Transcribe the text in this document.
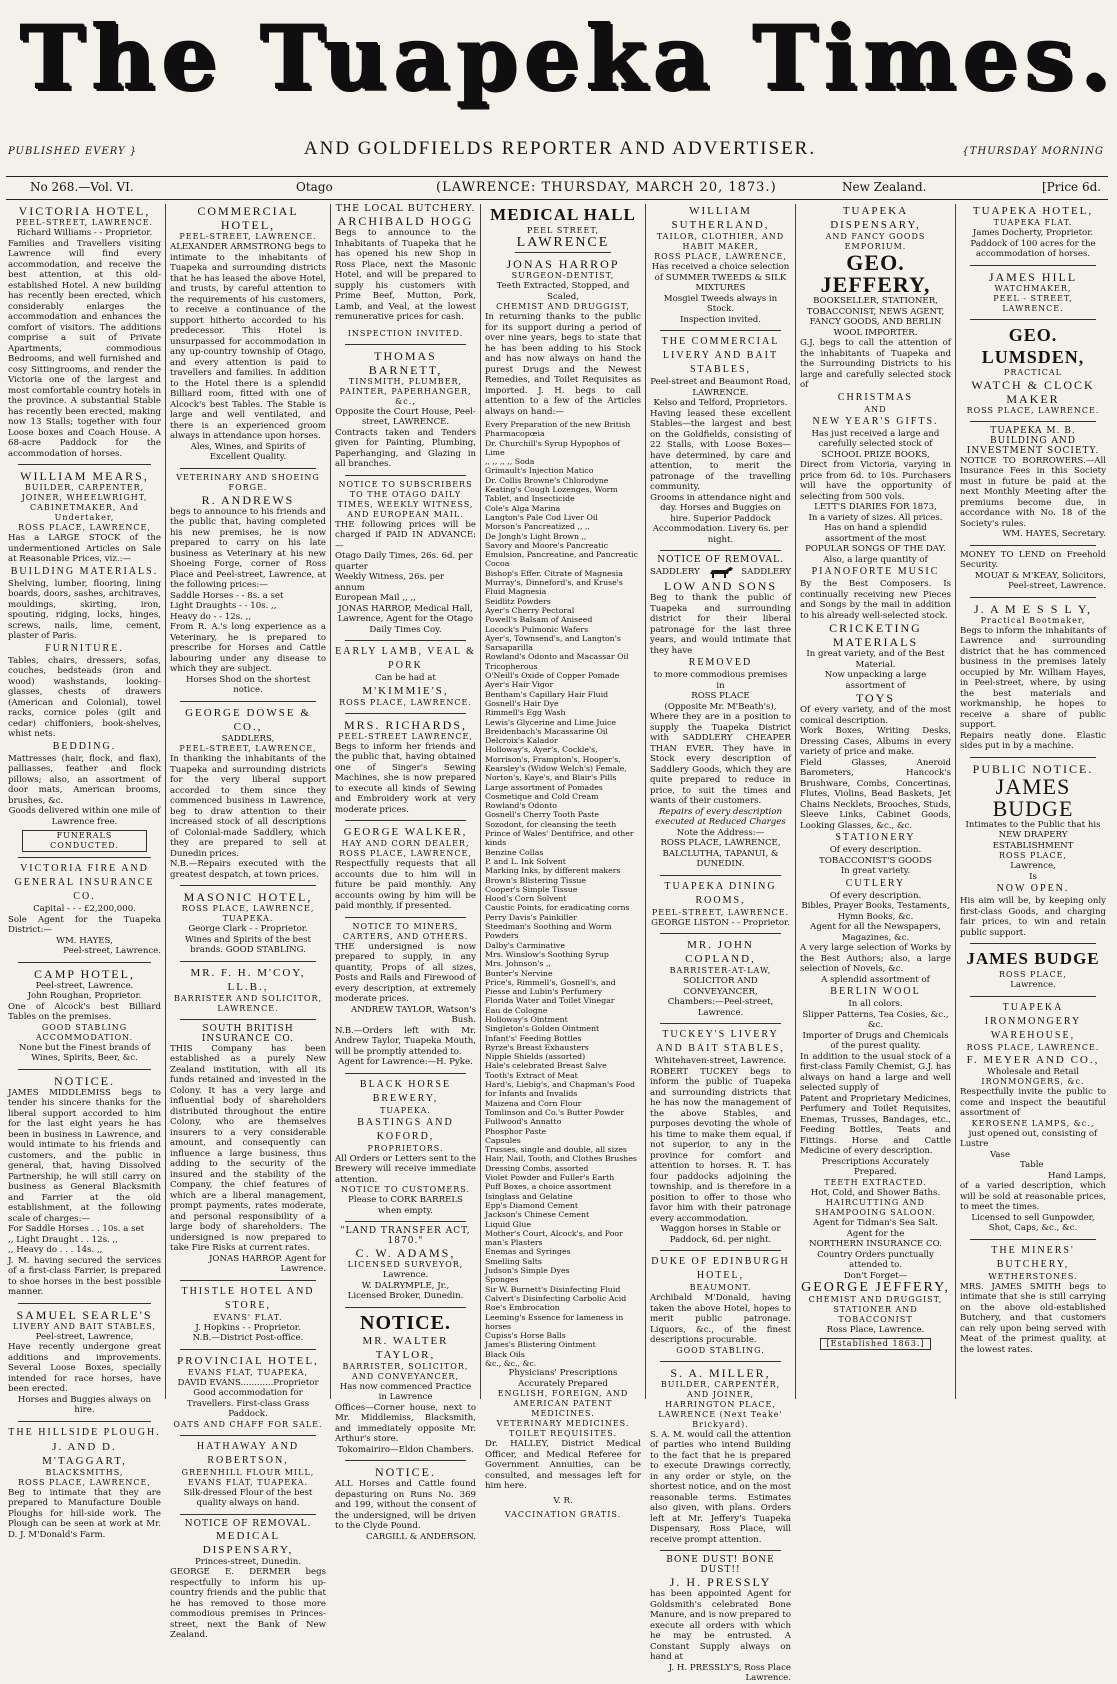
The Tuapeka Times.
PUBLISHED EVERY }	AND GOLDFIELDS REPORTER AND ADVERTISER.	{THURSDAY MORNING
No 268.—Vol. VI.	Otago	(LAWRENCE: THURSDAY, MARCH 20, 1873.)	New Zealand.	[Price 6d.
VICTORIA HOTEL,
PEEL-STREET, LAWRENCE.
Richard Williams - - Proprietor.
Families and Travellers visiting Lawrence will find every accommodation, and receive the best attention, at this old-established Hotel. A new building has recently been erected, which considerably enlarges the accommodation and enhances the comfort of visitors. The additions comprise a suit of Private Apartments, commodious Bedrooms, and well furnished and cosy Sittingrooms, and render the Victoria one of the largest and most comfortable country hotels in the province. A substantial Stable has recently been erected, making now 13 Stalls; together with four Loose boxes and Coach House. A 68-acre Paddock for the accommodation of horses.
WILLIAM MEARS,
BUILDER, CARPENTER, JOINER, WHEELWRIGHT, CABINETMAKER, And Undertaker,
ROSS PLACE, LAWRENCE,
Has a LARGE STOCK of the undermentioned Articles on Sale at Reasonable Prices, viz.:—
BUILDING MATERIALS.
Shelving, lumber, flooring, lining boards, doors, sashes, architraves, mouldings, skirting, iron, spouting, ridging, locks, hinges, screws, nails, lime, cement, plaster of Paris.
FURNITURE.
Tables, chairs, dressers, sofas, couches, bedsteads (iron and wood) washstands, looking-glasses, chests of drawers (American and Colonial), towel racks, cornice poles (gilt and cedar) chiffoniers, book-shelves, whist nets.
BEDDING.
Mattresses (hair, flock, and flax), palliasses, feather and flock pillows; also, an assortment of door mats, American brooms, brushes, &c.
Goods delivered within one mile of Lawrence free.
FUNERALS CONDUCTED.
VICTORIA FIRE AND GENERAL INSURANCE CO.
Capital - - - £2,200,000.
Sole Agent for the Tuapeka District:—
WM. HAYES,
Peel-street, Lawrence.
CAMP HOTEL,
Peel-street, Lawrence.
John Roughan, Proprietor.
One of Alcock's best Billiard Tables on the premises.
GOOD STABLING ACCOMMODATION.
None but the Finest brands of Wines, Spirits, Beer, &c.
NOTICE.
JAMES MIDDLEMISS begs to tender his sincere thanks for the liberal support accorded to him for the last eight years he has been in business in Lawrence, and would intimate to his friends and customers, and the public in general, that, having Dissolved Partnership, he will still carry on business as General Blacksmith and Farrier at the old establishment, at the following scale of charges:—
For Saddle Horses . . 10s. a set
,, Light Draught . . 12s. ,,
,, Heavy do . . . 14s. ,,
J. M. having secured the services of a first-class Farrier, is prepared to shoe horses in the best possible manner.
SAMUEL SEARLE'S
LIVERY AND BAIT STABLES,
Peel-street, Lawrence,
Have recently undergone great additions and improvements. Several Loose Boxes, specially intended for race horses, have been erected.
Horses and Buggies always on hire.
THE HILLSIDE PLOUGH.
J. AND D. M'TAGGART,
BLACKSMITHS,
ROSS PLACE, LAWRENCE,
Beg to intimate that they are prepared to Manufacture Double Ploughs for hill-side work. The Plough can be seen at work at Mr. D. J. M'Donald's Farm.
COMMERCIAL HOTEL,
PEEL-STREET, LAWRENCE.
ALEXANDER ARMSTRONG begs to intimate to the inhabitants of Tuapeka and surrounding districts that he has leased the above Hotel, and trusts, by careful attention to the requirements of his customers, to receive a continuance of the support hitherto accorded to his predecessor. This Hotel is unsurpassed for accommodation in any up-country township of Otago, and every attention is paid to travellers and families. In addition to the Hotel there is a splendid Billiard room, fitted with one of Alcock's best Tables. The Stable is large and well ventilated, and there is an experienced groom always in attendance upon horses.
Ales, Wines, and Spirits of Excellent Quality.
VETERINARY AND SHOEING FORGE.
R. ANDREWS
begs to announce to his friends and the public that, having completed his new premises, he is now prepared to carry on his late business as Veterinary at his new Shoeing Forge, corner of Ross Place and Peel-street, Lawrence, at the following prices:—
Saddle Horses - - 8s. a set
Light Draughts - - 10s. ,,
Heavy do - - 12s. ,,
From R. A.'s long experience as a Veterinary, he is prepared to prescribe for Horses and Cattle labouring under any disease to which they are subject.
Horses Shod on the shortest notice.
GEORGE DOWSE & CO.,
SADDLERS,
PEEL-STREET, LAWRENCE,
In thanking the inhabitants of the Tuapeka and surrounding districts for the very liberal support accorded to them since they commenced business in Lawrence, beg to draw attention to their increased stock of all descriptions of Colonial-made Saddlery, which they are prepared to sell at Dunedin prices.
N.B.—Repairs executed with the greatest despatch, at town prices.
MASONIC HOTEL,
ROSS PLACE, LAWRENCE, TUAPEKA.
George Clark - - Proprietor.
Wines and Spirits of the best brands. GOOD STABLING.
MR. F. H. M'COY, LL.B.,
BARRISTER AND SOLICITOR,
LAWRENCE.
SOUTH BRITISH INSURANCE CO.
THIS Company has been established as a purely New Zealand institution, with all its funds retained and invested in the Colony. It has a very large and influential body of shareholders distributed throughout the entire Colony, who are themselves insurers to a very considerable amount, and consequently can influence a large business, thus adding to the security of the insured and the stability of the Company, the chief features of which are a liberal management, prompt payments, rates moderate, and personal responsibility of a large body of shareholders. The undersigned is now prepared to take Fire Risks at current rates.
JONAS HARROP. Agent for Lawrence.
THISTLE HOTEL AND STORE,
EVANS' FLAT.
J. Hopkins - - Proprietor.
N.B.—District Post-office.
PROVINCIAL HOTEL,
EVANS FLAT, TUAPEKA,
DAVID EVANS............Proprietor
Good accommodation for Travellers. First-class Grass Paddock.
OATS AND CHAFF FOR SALE.
HATHAWAY AND ROBERTSON,
GREENHILL FLOUR MILL,
EVANS FLAT, TUAPEKA.
Silk-dressed Flour of the best quality always on hand.
NOTICE OF REMOVAL.
MEDICAL DISPENSARY,
Princes-street, Dunedin.
GEORGE E. DERMER begs respectfully to inform his up-country friends and the public that he has removed to those more commodious premises in Princes-street, next the Bank of New Zealand.
THE LOCAL BUTCHERY.
ARCHIBALD HOGG
Begs to announce to the Inhabitants of Tuapeka that he has opened his new Shop in Ross Place, next the Masonic Hotel, and will be prepared to supply his customers with Prime Beef, Mutton, Pork, Lamb, and Veal, at the lowest remunerative prices for cash.
INSPECTION INVITED.
THOMAS BARNETT,
TINSMITH, PLUMBER, PAINTER, PAPERHANGER, &c.,
Opposite the Court House, Peel-street, LAWRENCE.
Contracts taken and Tenders given for Painting, Plumbing, Paperhanging, and Glazing in all branches.
NOTICE TO SUBSCRIBERS TO THE OTAGO DAILY TIMES, WEEKLY WITNESS, AND EUROPEAN MAIL.
THE following prices will be charged if PAID IN ADVANCE:—
Otago Daily Times, 26s. 6d. per quarter
Weekly Witness, 26s. per annum
European Mail ,, ,,
JONAS HARROP, Medical Hall, Lawrence, Agent for the Otago Daily Times Coy.
EARLY LAMB, VEAL & PORK
Can be had at
M'KIMMIE'S,
ROSS PLACE, LAWRENCE.
MRS. RICHARDS,
PEEL-STREET LAWRENCE,
Begs to inform her friends and the public that, having obtained one of Singer's Sewing Machines, she is now prepared to execute all kinds of Sewing and Embroidery work at very moderate prices.
GEORGE WALKER,
HAY AND CORN DEALER,
ROSS PLACE, LAWRENCE,
Respectfully requests that all accounts due to him will in future be paid monthly. Any accounts owing by him will be paid monthly, if presented.
NOTICE TO MINERS, CARTERS, AND OTHERS.
THE undersigned is now prepared to supply, in any quantity, Props of all sizes, Posts and Rails and Firewood of every description, at extremely moderate prices.
ANDREW TAYLOR, Watson's Bush.
N.B.—Orders left with Mr. Andrew Taylor, Tuapeka Mouth, will be promptly attended to.
Agent for Lawrence:—H. Pyke.
BLACK HORSE BREWERY,
TUAPEKA.
BASTINGS AND KOFORD,
PROPRIETORS.
All Orders or Letters sent to the Brewery will receive immediate attention.
NOTICE TO CUSTOMERS.
Please to CORK BARRELS when empty.
"LAND TRANSFER ACT, 1870."
C. W. ADAMS,
LICENSED SURVEYOR,
Lawrence.
W. DALRYMPLE, Jr.,
Licensed Broker, Dunedin.
NOTICE.
MR. WALTER TAYLOR,
BARRISTER, SOLICITOR, AND CONVEYANCER,
Has now commenced Practice in Lawrence
Offices—Corner house, next to Mr. Middlemiss, Blacksmith, and immediately opposite Mr. Arthur's store.
Tokomairiro—Eldon Chambers.
NOTICE.
ALL Horses and Cattle found depasturing on Runs No. 369 and 199, without the consent of the undersigned, will be driven to the Clyde Pound.
CARGILL & ANDERSON.
MEDICAL HALL
PEEL STREET,
LAWRENCE
JONAS HARROP
SURGEON-DENTIST,
Teeth Extracted, Stopped, and Scaled,
CHEMIST AND DRUGGIST,
In returning thanks to the public for its support during a period of over nine years, begs to state that he has been adding to his Stock and has now always on hand the purest Drugs and the Newest Remedies, and Toilet Requisites as imported. J. H. begs to call attention to a few of the Articles always on hand:—
Every Preparation of the new British Pharmacopœia
Dr. Churchill's Syrup Hypophos of Lime
,, ,, ,, ,, Soda
Grimault's Injection Matico
Dr. Collis Browne's Chlorodyne
Keating's Cough Lozenges, Worm Tablet, and Insecticide
Cole's Alga Marina
Langton's Pale Cod Liver Oil
Morson's Pancreatized ,, ,,
De Jongh's Light Brown ,,
Savory and Moore's Pancreatic Emulsion, Pancreatine, and Pancreatic Cocoa
Bishop's Effer. Citrate of Magnesia
Murray's, Dinneford's, and Kruse's Fluid Magnesia
Seidlitz Powders
Ayer's Cherry Pectoral
Powell's Balsam of Aniseed
Locock's Pulmonic Wafers
Ayer's, Townsend's, and Langton's Sarsaparilla
Rowland's Odonto and Macassar Oil
Tricopherous
O'Neill's Oxide of Copper Pomade
Ayer's Hair Vigor
Bentham's Capillary Hair Fluid
Gosnell's Hair Dye
Rimmell's Egg Wash
Lewis's Glycerine and Lime Juice
Breidenbach's Macassarine Oil
Delcroix's Kalador
Holloway's, Ayer's, Cockle's, Morrison's, Frampton's, Hooper's, Kearsley's (Widow Welch's) Female, Norton's, Kaye's, and Blair's Pills
Large assortment of Pomades
Cosmetique and Cold Cream
Rowland's Odonto
Gosnell's Cherry Tooth Paste
Sozodont, for cleansing the teeth
Prince of Wales' Dentifrice, and other kinds
Benzine Collas
P. and L. Ink Solvent
Marking Inks, by different makers
Brown's Blistering Tissue
Cooper's Simple Tissue
Hood's Corn Solvent
Caustic Points, for eradicating corns
Perry Davis's Painkiller
Steedman's Soothing and Worm Powders
Dalby's Carminative
Mrs. Winslow's Soothing Syrup
Mrs. Johnson's ,,
Bunter's Nervine
Price's, Rimmell's, Gosnell's, and Piesse and Lubin's Perfumery
Florida Water and Toilet Vinegar
Eau de Cologne
Holloway's Ointment
Singleton's Golden Ointment
Infant's' Feeding Bottles
Ryrze's Breast Exhausters
Nipple Shields (assorted)
Hale's celebrated Breast Salve
Tooth's Extract of Meat
Hard's, Liebig's, and Chapman's Food for Infants and Invalids
Maizena and Corn Flour
Tomlinson and Co.'s Butter Powder
Fullwood's Annatto
Phosphor Paste
Capsules
Trusses, single and double, all sizes
Hair, Nail, Tooth, and Clothes Brushes
Dressing Combs, assorted
Violet Powder and Fuller's Earth
Puff Boxes, a choice assortment
Isinglass and Gelatine
Epp's Diamond Cement
Jackson's Chinese Cement
Liquid Glue
Mother's Court, Alcock's, and Poor man's Plasters
Enemas and Syringes
Smelling Salts
Judson's Simple Dyes
Sponges
Sir W. Burnett's Disinfecting Fluid
Calvert's Disinfecting Carbolic Acid
Roe's Embrocation
Leeming's Essence for lameness in horses
Cupiss's Horse Balls
James's Blistering Ointment
Black Oils
&c., &c., &c.
Physicians' Prescriptions Accurately Prepared
ENGLISH, FOREIGN, AND AMERICAN PATENT MEDICINES.
VETERINARY MEDICINES.
TOILET REQUISITES.
Dr. HALLEY, District Medical Officer, and Medical Referee for Government Annuities, can be consulted, and messages left for him here.
V. R.
VACCINATION GRATIS.
WILLIAM SUTHERLAND,
TAILOR, CLOTHIER, AND HABIT MAKER,
ROSS PLACE, LAWRENCE,
Has received a choice selection of SUMMER TWEEDS & SILK MIXTURES
Mosgiel Tweeds always in Stock.
Inspection invited.
THE COMMERCIAL LIVERY AND BAIT STABLES,
Peel-street and Beaumont Road, LAWRENCE.
Kelso and Telford, Proprietors.
Having leased these excellent Stables—the largest and best on the Goldfields, consisting of 22 Stalls, with Loose Boxes—have determined, by care and attention, to merit the patronage of the travelling community.
Grooms in attendance night and day. Horses and Buggies on hire. Superior Paddock Accommodation. Livery 6s. per night.
NOTICE OF REMOVAL.
SADDLERY	SADDLERY
LOW AND SONS
Beg to thank the public of Tuapeka and surrounding district for their liberal patronage for the last three years, and would intimate that they have
REMOVED
to more commodious premises in
ROSS PLACE
(Opposite Mr. M'Beath's),
Where they are in a position to supply the Tuapeka District with SADDLERY CHEAPER THAN EVER. They have in Stock every description of Saddlery Goods, which they are quite prepared to reduce in price, to suit the times and wants of their customers.
Repairs of every description executed at Reduced Charges
Note the Address:—
ROSS PLACE, LAWRENCE, BALCLUTHA, TAPANUI, & DUNEDIN.
TUAPEKA DINING ROOMS,
PEEL-STREET, LAWRENCE.
GEORGE LISTON - - Proprietor.
MR. JOHN COPLAND,
BARRISTER-AT-LAW,
SOLICITOR AND CONVEYANCER,
Chambers:—Peel-street, Lawrence.
TUCKEY'S LIVERY AND BAIT STABLES,
Whitehaven-street, Lawrence.
ROBERT TUCKEY begs to inform the public of Tuapeka and surrounding districts that he has now the management of the above Stables, and purposes devoting the whole of his time to make them equal, if not superior, to any in the province for comfort and attention to horses. R. T. has four paddocks adjoining the township, and is therefore in a position to offer to those who favor him with their patronage every accommodation.
Waggon horses in Stable or Paddock, 6d. per night.
DUKE OF EDINBURGH HOTEL,
BEAUMONT.
Archibald M'Donald, having taken the above Hotel, hopes to merit public patronage. Liquors, &c., of the finest descriptions procurable.
GOOD STABLING.
S. A. MILLER,
BUILDER, CARPENTER, AND JOINER,
HARRINGTON PLACE, LAWRENCE (Next Teake' Brickyard).
S. A. M. would call the attention of parties who intend Building to the fact that he is prepared to execute Drawings correctly, in any order or style, on the shortest notice, and on the most reasonable terms. Estimates also given, with plans. Orders left at Mr. Jeffery's Tuapeka Dispensary, Ross Place, will receive prompt attention.
BONE DUST! BONE DUST!!
J. H. PRESSLY
has been appointed Agent for Goldsmith's celebrated Bone Manure, and is now prepared to execute all orders with which he may be entrusted. A Constant Supply always on hand at
J. H. PRESSLY'S, Ross Place Lawrence.
TUAPEKA DISPENSARY,
AND FANCY GOODS EMPORIUM.
GEO. JEFFERY,
BOOKSELLER, STATIONER, TOBACCONIST, NEWS AGENT, FANCY GOODS, AND BERLIN WOOL IMPORTER.
G.J. begs to call the attention of the inhabitants of Tuapeka and the Surrounding Districts to his large and carefully selected stock of
CHRISTMAS
AND
NEW YEAR'S GIFTS.
Has just received a large and carefully selected stock of
SCHOOL PRIZE BOOKS,
Direct from Victoria, varying in price from 6d. to 10s. Purchasers will have the opportunity of selecting from 500 vols.
LETT'S DIARIES FOR 1873,
In a variety of sizes. All prices.
Has on hand a splendid assortment of the most
POPULAR SONGS OF THE DAY.
Also, a large quantity of
PIANOFORTE MUSIC
By the Best Composers. Is continually receiving new Pieces and Songs by the mail in addition to his already well-selected stock.
CRICKETING MATERIALS
In great variety, and of the Best Material.
Now unpacking a large assortment of
TOYS
Of every variety, and of the most comical description.
Work Boxes, Writing Desks, Dressing Cases, Albums in every variety of price and make.
Field Glasses, Aneroid Barometers, Hancock's Brushware, Combs, Concertinas, Flutes, Violins, Bead Baskets, Jet Chains Necklets, Brooches, Studs, Sleeve Links, Cabinet Goods, Looking Glasses, &c., &c.
STATIONERY
Of every description.
TOBACCONIST'S GOODS
In great variety.
CUTLERY
Of every description.
Bibles, Prayer Books, Testaments, Hymn Books, &c.
Agent for all the Newspapers, Magazines, &c.
A very large selection of Works by the Best Authors; also, a large selection of Novels, &c.
A splendid assortment of
BERLIN WOOL
In all colors.
Slipper Patterns, Tea Cosies, &c., &c.
Importer of Drugs and Chemicals of the purest quality.
In addition to the usual stock of a first-class Family Chemist, G.J. has always on hand a large and well selected supply of
Patent and Proprietary Medicines, Perfumery and Toilet Requisites, Enemas, Trusses, Bandages, etc., Feeding Bottles, Teats and Fittings. Horse and Cattle Medicine of every description.
Prescriptions Accurately Prepared.
TEETH EXTRACTED.
Hot, Cold, and Shower Baths.
HAIRCUTTING AND SHAMPOOING SALOON.
Agent for Tidman's Sea Salt.
Agent for the
NORTHERN INSURANCE CO.
Country Orders punctually attended to.
Don't Forget—
GEORGE JEFFERY,
CHEMIST AND DRUGGIST, STATIONER AND TOBACCONIST
Ross Place, Lawrence.
[Established 1863.]
TUAPEKA HOTEL,
TUAPEKA FLAT.
James Docherty, Proprietor.
Paddock of 100 acres for the accommodation of horses.
JAMES HILL
WATCHMAKER,
PEEL - STREET,
LAWRENCE.
GEO. LUMSDEN,
PRACTICAL
WATCH & CLOCK MAKER
ROSS PLACE, LAWRENCE.
TUAPEKA M. B. BUILDING AND INVESTMENT SOCIETY.
NOTICE TO BORROWERS.—All Insurance Fees in this Society must in future be paid at the next Monthly Meeting after the premiums become due, in accordance with No. 18 of the Society's rules.
WM. HAYES, Secretary.
MONEY TO LEND on Freehold Security.
MOUAT & M'KEAY, Solicitors, Peel-street, Lawrence.
J. A M E S S L Y,
Practical Bootmaker,
Begs to inform the inhabitants of Lawrence and surrounding district that he has commenced business in the premises lately occupied by Mr. William Hayes, in Peel-street, where, by using the best materials and workmanship, he hopes to receive a share of public support.
Repairs neatly done. Elastic sides put in by a machine.
PUBLIC NOTICE.
JAMES BUDGE
Intimates to the Public that his
NEW DRAPERY ESTABLISHMENT
ROSS PLACE,
Lawrence,
Is
NOW OPEN.
His aim will be, by keeping only first-class Goods, and charging fair prices, to win and retain public support.
JAMES BUDGE
ROSS PLACE,
Lawrence.
TUAPEKA IRONMONGERY WAREHOUSE,
ROSS PLACE, LAWRENCE.
F. MEYER AND CO.,
Wholesale and Retail
IRONMONGERS, &c.
Respectfully invite the public to come and inspect the beautiful assortment of
KEROSENE LAMPS, &c.,
just opened out, consisting of
Lustre
Vase
Table
Hand Lamps,
of a varied description, which will be sold at reasonable prices, to meet the times.
Licensed to sell Gunpowder, Shot, Caps, &c., &c.
THE MINERS' BUTCHERY,
WETHERSTONES.
MRS. JAMES SMITH begs to intimate that she is still carrying on the above old-established Butchery, and that customers can rely upon being served with Meat of the primest quality, at the lowest rates.
